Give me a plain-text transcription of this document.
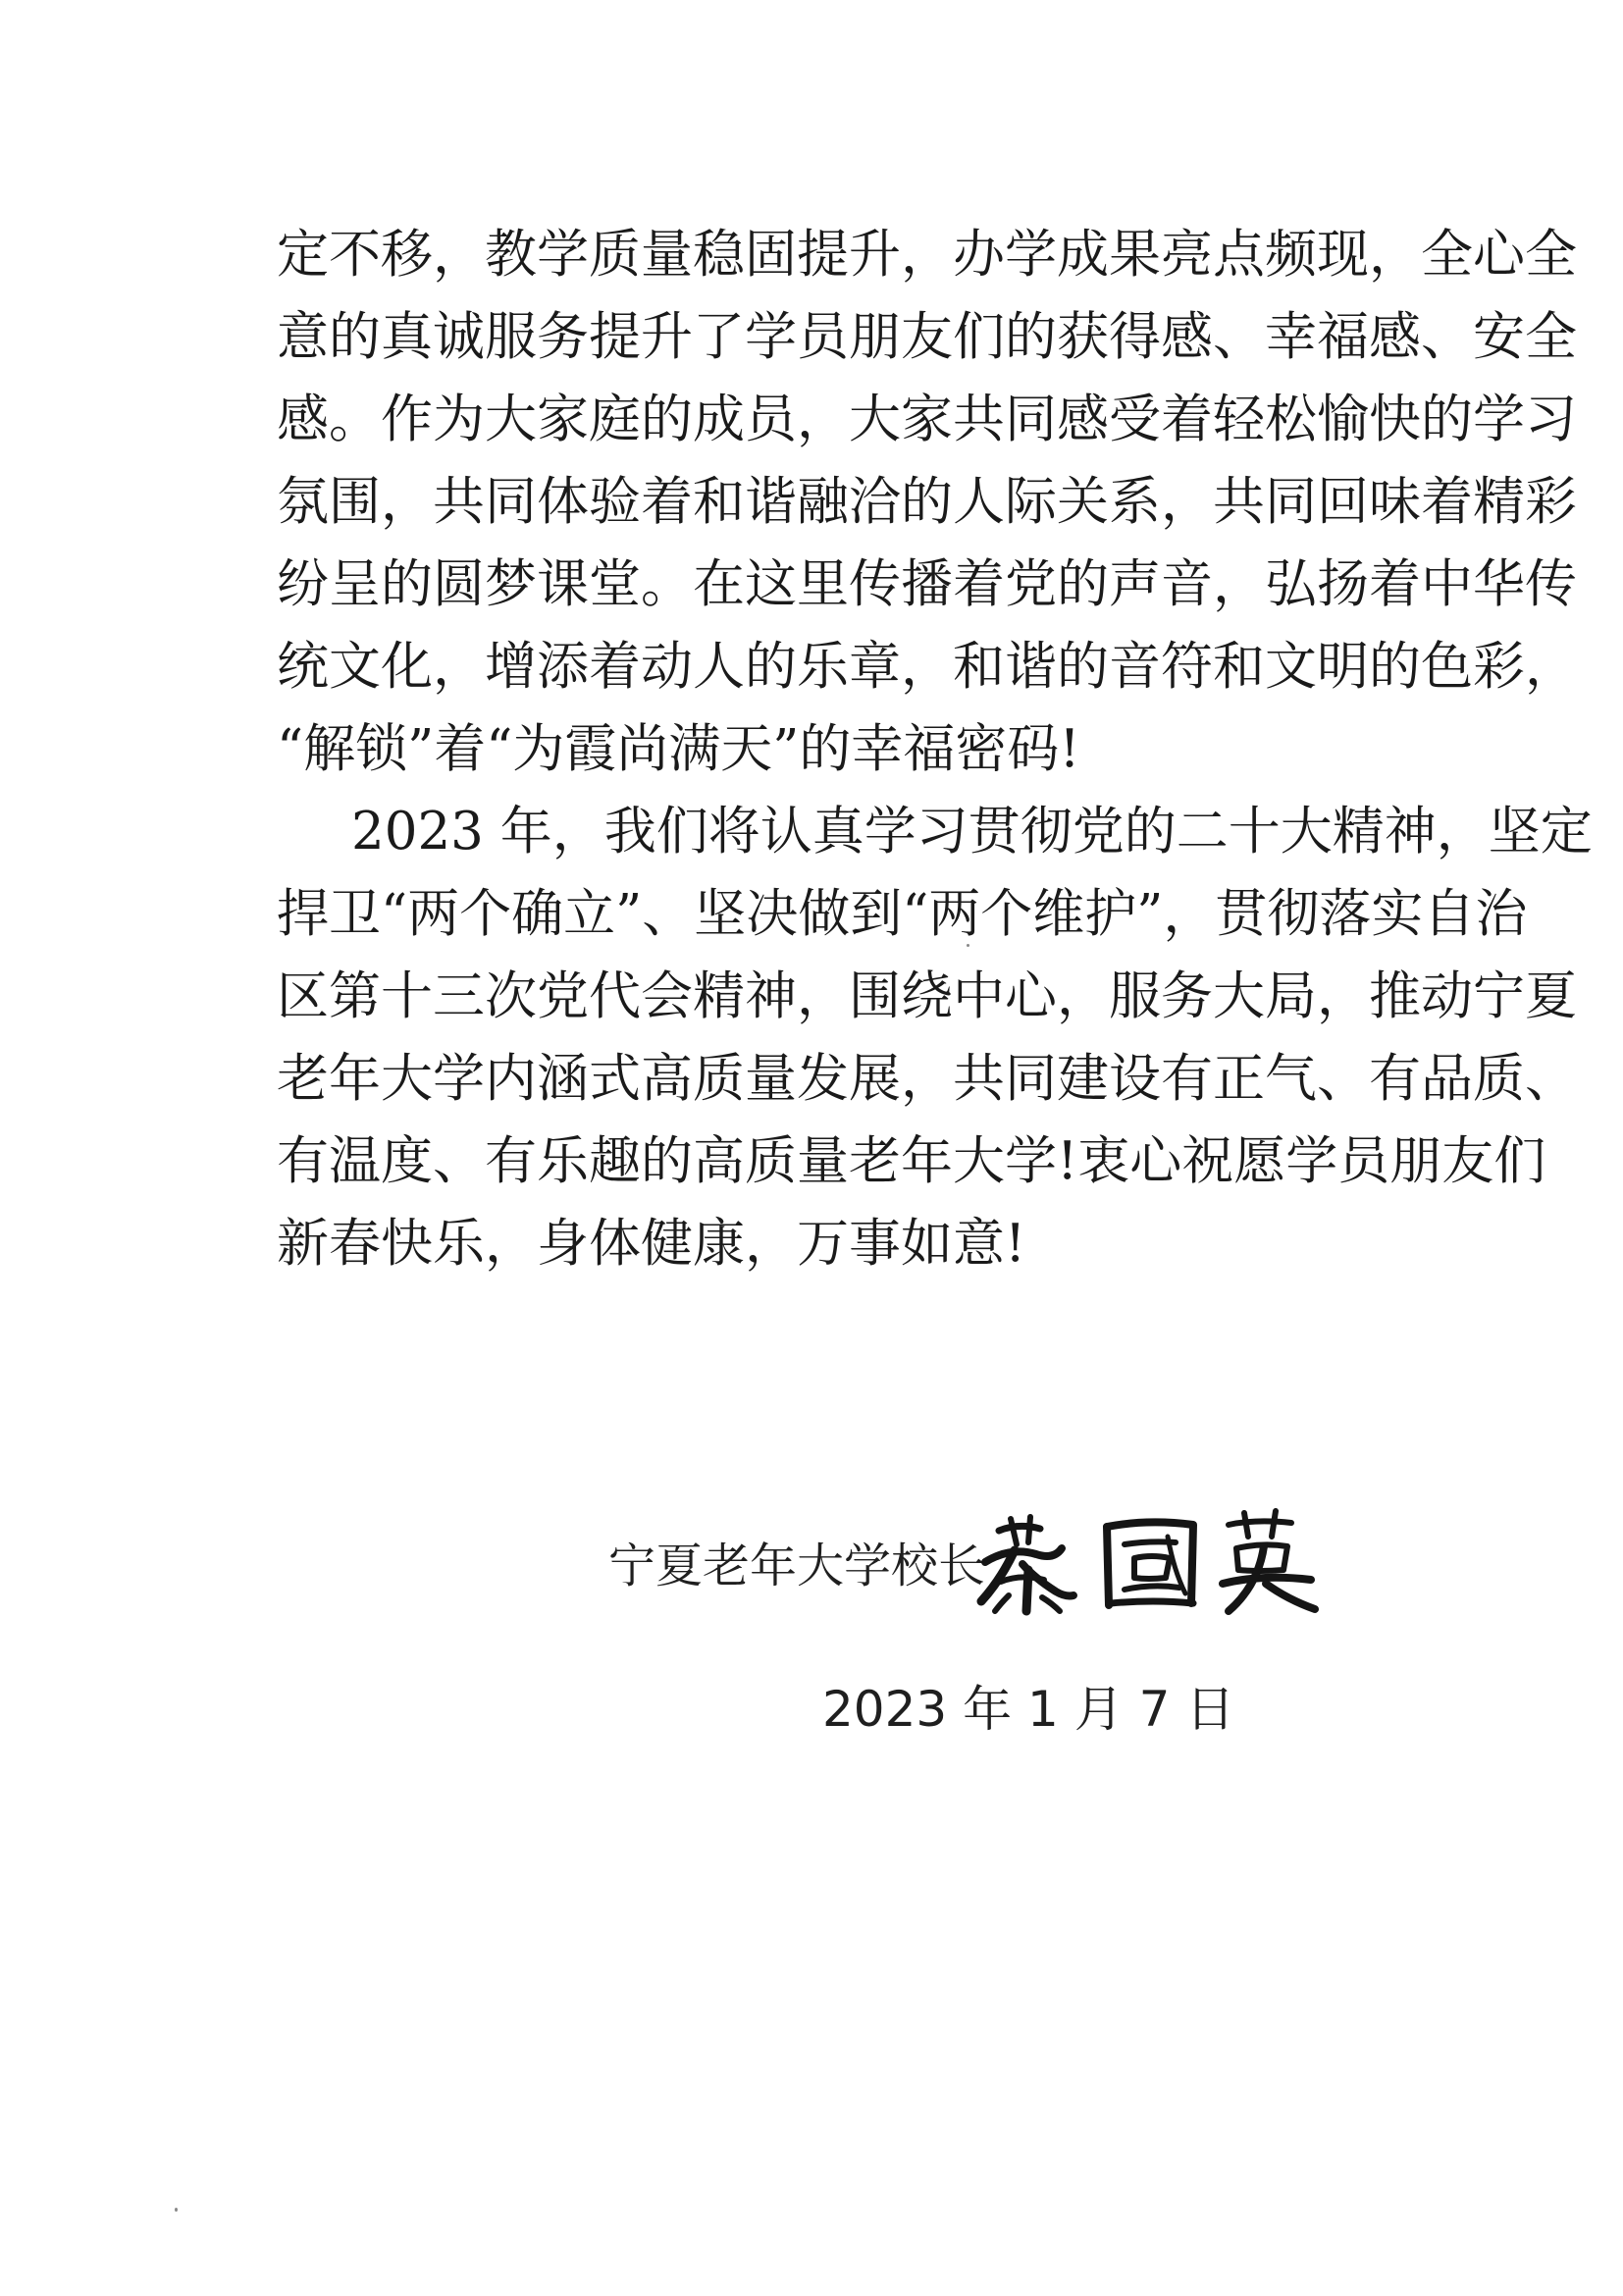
定不移，教学质量稳固提升，办学成果亮点频现，全心全
意的真诚服务提升了学员朋友们的获得感、幸福感、安全
感。作为大家庭的成员，大家共同感受着轻松愉快的学习
氛围，共同体验着和谐融洽的人际关系，共同回味着精彩
纷呈的圆梦课堂。在这里传播着党的声音，弘扬着中华传
统文化，增添着动人的乐章，和谐的音符和文明的色彩，
“解锁”着“为霞尚满天”的幸福密码!
2023 年，我们将认真学习贯彻党的二十大精神，坚定
捍卫“两个确立”、坚决做到“两个维护”，贯彻落实自治
区第十三次党代会精神，围绕中心，服务大局，推动宁夏
老年大学内涵式高质量发展，共同建设有正气、有品质、
有温度、有乐趣的高质量老年大学!衷心祝愿学员朋友们
新春快乐，身体健康，万事如意!
宁夏老年大学校长
2023 年 1 月 7 日
